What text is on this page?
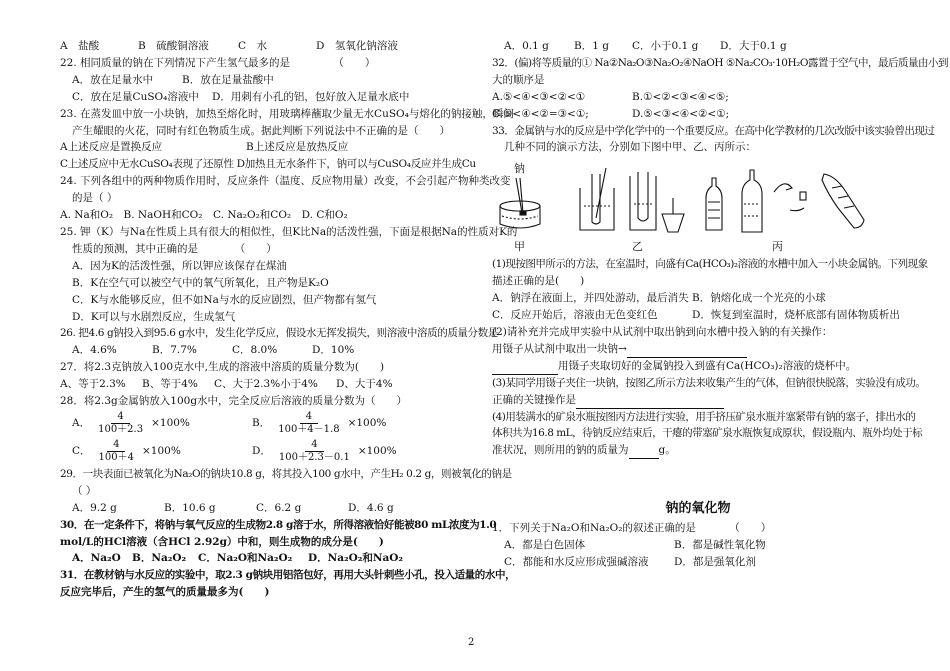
A　盐酸	B　硫酸铜溶液	C　水	D　氢氧化钠溶液
22. 相同质量的钠在下列情况下产生氢气最多的是	（　　）
A．放在足量水中	B．放在足量盐酸中
C．放在足量CuSO₄溶液中	D．用刺有小孔的铝，包好放入足量水底中
23. 在蒸发皿中放一小块钠，加热至熔化时，用玻璃棒蘸取少量无水CuSO₄与熔化的钠接触，瞬间
产生耀眼的火花，同时有红色物质生成。据此判断下列说法中不正确的是（　　）
A上述反应是置换反应	B上述反应是放热反应
C上述反应中无水CuSO₄表现了还原性 D加热且无水条件下，钠可以与CuSO₄反应并生成Cu
24. 下列各组中的两种物质作用时，反应条件（温度、反应物用量）改变，不会引起产物种类改变
的是（ ）
A. Na和O₂　B. NaOH和CO₂　C. Na₂O₂和CO₂　D. C和O₂
25. 钾（K）与Na在性质上具有很大的相似性，但K比Na的活泼性强，下面是根据Na的性质对K的
性质的预测，其中正确的是　　　　（　　）
A．因为K的活泼性强，所以钾应该保存在煤油
B．K在空气可以被空气中的氧气所氧化，且产物是K₂O
C．K与水能够反应，但不如Na与水的反应剧烈，但产物都有氢气
D．K可以与水剧烈反应，生成氢气
26. 把4.6 g钠投入到95.6 g水中，发生化学反应，假设水无挥发损失，则溶液中溶质的质量分数是
A．4.6%	B．7.7%	C．8.0%	D．10%
27．将2.3克钠放入100克水中,生成的溶液中溶质的质量分数为(　　)
A、等于2.3%	B、等于4%	C、大于2.3%小于4%	D、大于4%
28．将2.3g金属钠放入100g水中，完全反应后溶液的质量分数为（　　）
A． $\frac{4}{100+2.3} \times 100\%$	B． $\frac{4}{100+4-1.8} \times 100\%$
C． $\frac{4}{100+4} \times 100\%$	D． $\frac{4}{100+2.3-0.1} \times 100\%$
29．一块表面已被氧化为Na₂O的钠块10.8 g，将其投入100 g水中，产生H₂ 0.2 g，则被氧化的钠是
（ ）
A．9.2 g	B．10.6 g	C．6.2 g	D．4.6 g
30．在一定条件下，将钠与氧气反应的生成物2.8 g溶于水，所得溶液恰好能被80 mL浓度为1.0
mol/L的HCl溶液（含HCl 2.92g）中和，则生成物的成分是(　　)
A．Na₂O	B．Na₂O₂	C．Na₂O和Na₂O₂	D．Na₂O₂和NaO₂
31．在教材钠与水反应的实验中，取2.3 g钠块用铝箔包好，再用大头针刺些小孔，投入适量的水中，
反应完毕后，产生的氢气的质量最多为(　　)
A．0.1 g	B．1 g	C．小于0.1 g	D．大于0.1 g
32．(偏)将等质量的① Na②Na₂O③Na₂O₂④NaOH ⑤Na₂CO₃·10H₂O露置于空气中，最后质量由小到
大的顺序是
A.⑤<④<③<②<①	B.①<②<③<④<⑤;
C.⑤<④<②=③<①;	D.⑤<③<④<②<①;
33．金属钠与水的反应是中学化学中的一个重要反应。在高中化学教材的几次改版中该实验曾出现过
几种不同的演示方法，分别如下图中甲、乙、丙所示：
钠
甲	乙	丙
(1)现按图甲所示的方法，在室温时，向盛有Ca(HCO₃)₂溶液的水槽中加入一小块金属钠。下列现象
描述正确的是(　　)
A．钠浮在液面上，并四处游动，最后消失 B．钠熔化成一个光亮的小球
C．反应开始后，溶液由无色变红色	D．恢复到室温时，烧杯底部有固体物质析出
(2)请补充并完成甲实验中从试剂中取出钠到向水槽中投入钠的有关操作：
用镊子从试剂中取出一块钠→
用镊子夹取切好的金属钠投入到盛有Ca(HCO₃)₂溶液的烧杯中。
(3)某同学用镊子夹住一块钠，按图乙所示方法来收集产生的气体，但钠很快脱落，实验没有成功。
正确的关键操作是
(4)用装满水的矿泉水瓶按图丙方法进行实验，用手挤压矿泉水瓶并塞紧带有钠的塞子，排出水的
体积共为16.8 mL，待钠反应结束后，干瘪的带塞矿泉水瓶恢复成原状，假设瓶内、瓶外均处于标
准状况，则所用的钠的质量为	g。
钠的氧化物
1．下列关于Na₂O和Na₂O₂的叙述正确的是	（　　）
A．都是白色固体	B．都是碱性氧化物
C．都能和水反应形成强碱溶液	D．都是强氧化剂
2
